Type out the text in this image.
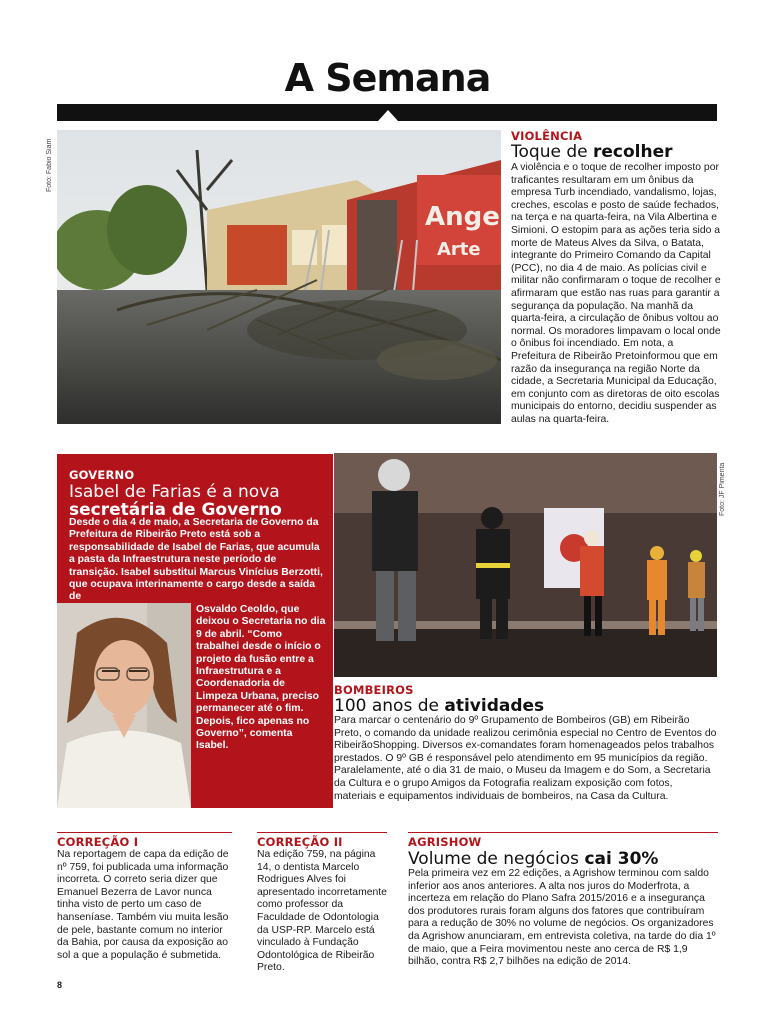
A Semana
Foto: Fabio Siam
Ange
Arte
VIOLÊNCIA
Toque de recolher
A violência e o toque de recolher imposto por traficantes resultaram em um ônibus da empresa Turb incendiado, vandalismo, lojas, creches, escolas e posto de saúde fechados, na terça e na quarta-feira, na Vila Albertina e Simioni. O estopim para as ações teria sido a morte de Mateus Alves da Silva, o Batata, integrante do Primeiro Comando da Capital (PCC), no dia 4 de maio. As polícias civil e militar não confirmaram o toque de recolher e afirmaram que estão nas ruas para garantir a segurança da população. Na manhã da quarta-feira, a circulação de ônibus voltou ao normal. Os moradores limpavam o local onde o ônibus foi incendiado. Em nota, a Prefeitura de Ribeirão Pretoinformou que em razão da insegurança na região Norte da cidade, a Secretaria Municipal da Educação, em conjunto com as diretoras de oito escolas municipais do entorno, decidiu suspender as aulas na quarta-feira.
GOVERNO
Isabel de Farias é a nova
secretária de Governo
Desde o dia 4 de maio, a Secretaria de Governo da Prefeitura de Ribeirão Preto está sob a responsabilidade de Isabel de Farias, que acumula a pasta da Infraestrutura neste período de transição. Isabel substitui Marcus Vinícius Berzotti, que ocupava interinamente o cargo desde a saída de
Osvaldo Ceoldo, que deixou o Secretaria no dia 9 de abril. “Como trabalhei desde o início o projeto da fusão entre a Infraestrutura e a Coordenadoria de Limpeza Urbana, preciso permanecer até o fim. Depois, fico apenas no Governo”, comenta Isabel.
Foto: JF Pimenta
BOMBEIROS
100 anos de atividades
Para marcar o centenário do 9º Grupamento de Bombeiros (GB) em Ribeirão Preto, o comando da unidade realizou cerimônia especial no Centro de Eventos do RibeirãoShopping. Diversos ex-comandates foram homenageados pelos trabalhos prestados. O 9º GB é responsável pelo atendimento em 95 municípios da região. Paralelamente, até o dia 31 de maio, o Museu da Imagem e do Som, a Secretaria da Cultura e o grupo Amigos da Fotografia realizam exposição com fotos, materiais e equipamentos individuais de bombeiros, na Casa da Cultura.
CORREÇÃO I
Na reportagem de capa da edição de nº 759, foi publicada uma informação incorreta. O correto seria dizer que Emanuel Bezerra de Lavor nunca tinha visto de perto um caso de hanseníase. Também viu muita lesão de pele, bastante comum no interior da Bahia, por causa da exposição ao sol a que a população é submetida.
CORREÇÃO II
Na edição 759, na página 14, o dentista Marcelo Rodrigues Alves foi apresentado incorretamente como professor da Faculdade de Odontologia da USP-RP. Marcelo está vinculado à Fundação Odontológica de Ribeirão Preto.
AGRISHOW
Volume de negócios cai 30%
Pela primeira vez em 22 edições, a Agrishow terminou com saldo inferior aos anos anteriores. A alta nos juros do Moderfrota, a incerteza em relação do Plano Safra 2015/2016 e a insegurança dos produtores rurais foram alguns dos fatores que contribuíram para a redução de 30% no volume de negócios. Os organizadores da Agrishow anunciaram, em entrevista coletiva, na tarde do dia 1º de maio, que a Feira movimentou neste ano cerca de R$ 1,9 bilhão, contra R$ 2,7 bilhões na edição de 2014.
8
